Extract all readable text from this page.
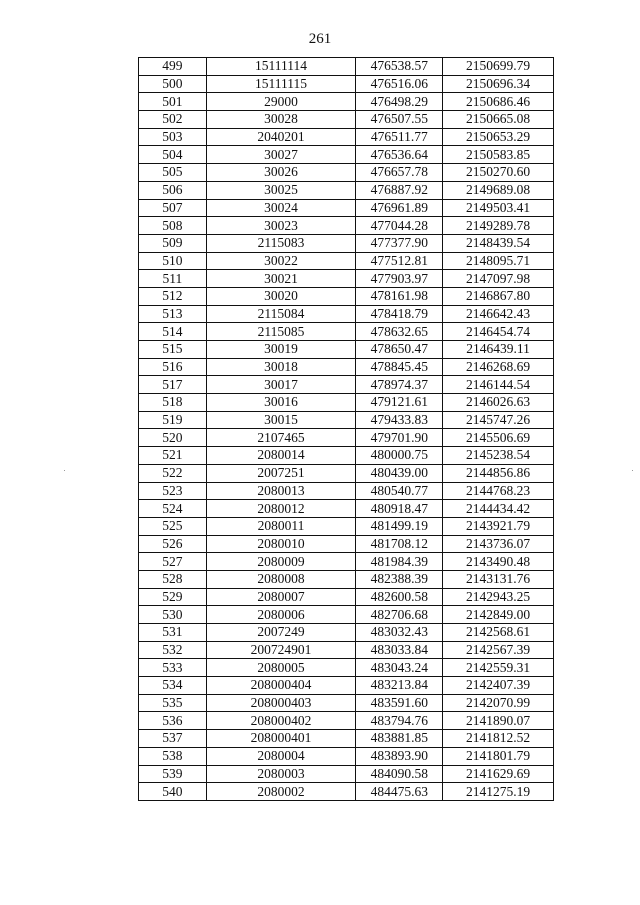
261
499	15111114	476538.57	2150699.79
500	15111115	476516.06	2150696.34
501	29000	476498.29	2150686.46
502	30028	476507.55	2150665.08
503	2040201	476511.77	2150653.29
504	30027	476536.64	2150583.85
505	30026	476657.78	2150270.60
506	30025	476887.92	2149689.08
507	30024	476961.89	2149503.41
508	30023	477044.28	2149289.78
509	2115083	477377.90	2148439.54
510	30022	477512.81	2148095.71
511	30021	477903.97	2147097.98
512	30020	478161.98	2146867.80
513	2115084	478418.79	2146642.43
514	2115085	478632.65	2146454.74
515	30019	478650.47	2146439.11
516	30018	478845.45	2146268.69
517	30017	478974.37	2146144.54
518	30016	479121.61	2146026.63
519	30015	479433.83	2145747.26
520	2107465	479701.90	2145506.69
521	2080014	480000.75	2145238.54
522	2007251	480439.00	2144856.86
523	2080013	480540.77	2144768.23
524	2080012	480918.47	2144434.42
525	2080011	481499.19	2143921.79
526	2080010	481708.12	2143736.07
527	2080009	481984.39	2143490.48
528	2080008	482388.39	2143131.76
529	2080007	482600.58	2142943.25
530	2080006	482706.68	2142849.00
531	2007249	483032.43	2142568.61
532	200724901	483033.84	2142567.39
533	2080005	483043.24	2142559.31
534	208000404	483213.84	2142407.39
535	208000403	483591.60	2142070.99
536	208000402	483794.76	2141890.07
537	208000401	483881.85	2141812.52
538	2080004	483893.90	2141801.79
539	2080003	484090.58	2141629.69
540	2080002	484475.63	2141275.19
